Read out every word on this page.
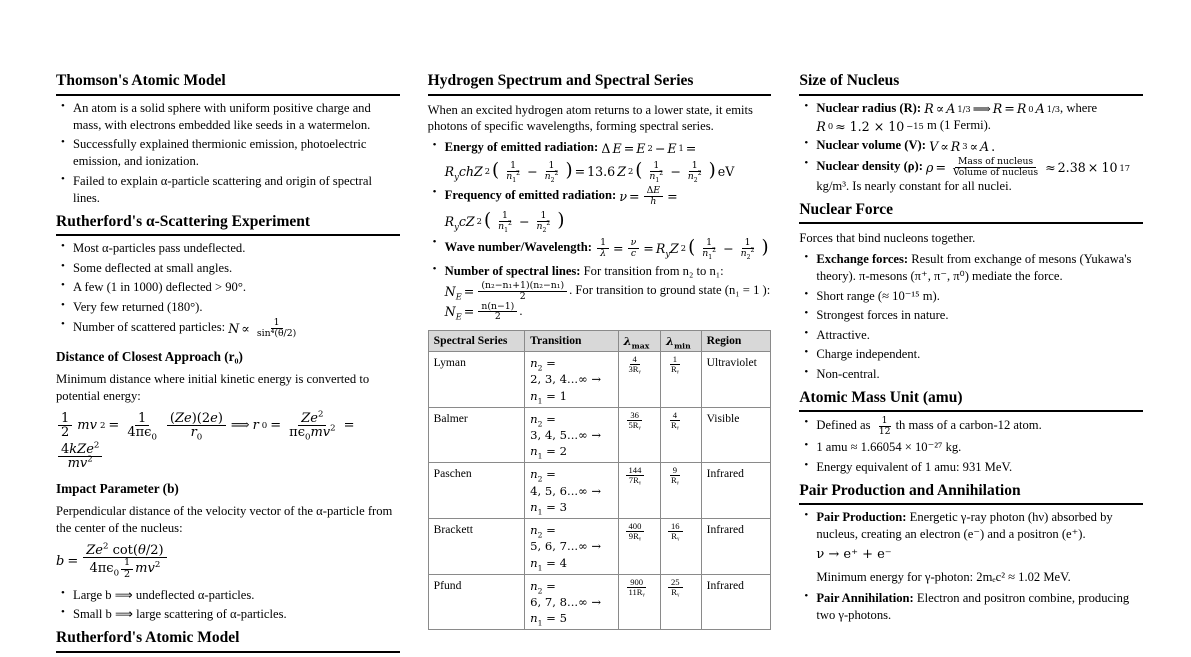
Thomson's Atomic Model
• An atom is a solid sphere with uniform positive charge and mass, with electrons embedded like seeds in a watermelon.
• Successfully explained thermionic emission, photoelectric emission, and ionization.
• Failed to explain α-particle scattering and origin of spectral lines.
Rutherford's α-Scattering Experiment
• Most α-particles pass undeflected.
• Some deflected at small angles.
• A few (1 in 1000) deflected > 90°.
• Very few returned (180°).
• Number of scattered particles: $N \propto \frac{1}{\text{sin⁴(θ/2)}}$
Distance of Closest Approach (r₀)

Minimum distance where initial kinetic energy is converted to potential energy:

$\frac{1}{2}$ mv $2 = \frac{1}{4\pi\epsilon_0} \frac{(Ze)(2e)}{r_0}$ ⟹ r $0 = \frac{Ze^2}{\pi\epsilon_0mv^2}$ =
$\frac{4kZe^2}{mv^2}$
Impact Parameter (b)

Perpendicular distance of the velocity vector of the α-particle from the center of the nucleus:

$b = \frac{Ze^2 \cot(\theta/2)}{4\pi\epsilon_0 \frac{1}{2} mv^2}$
• Large b ⟹ undeflected α-particles.
• Small b ⟹ large scattering of α-particles.
Rutherford's Atomic Model
Hydrogen Spectrum and Spectral Series

When an excited hydrogen atom returns to a lower state, it emits photons of specific wavelengths, forming spectral series.

• Energy of emitted radiation: Δ E = E 2 − E 1 =

$R_ychZ$ 2 ( $\frac{1}{n_1^2} - \frac{1}{n_2^2}$ ) = 13.6 Z 2 ( $\frac{1}{n_1^2} - \frac{1}{n_2^2}$ ) eV
• Frequency of emitted radiation: $\nu = \frac{\Delta E}{h}$ =

$R_ycZ$ 2 ( $\frac{1}{n_1^2} - \frac{1}{n_2^2}$ )
• Wave number/Wavelength: $\frac{1}{\lambda} = \frac{\nu}{c} = R_yZ$ 2 ( $\frac{1}{n_1^2} - \frac{1}{n_2^2}$ )
• Number of spectral lines: For transition from n₂ to n₁:
$N_E = \frac{\text{(n₂−n₁+1)(n₂−n₁)}}{2}$ . For transition to ground state (n₁ = 1 ):
$N_E = \frac{n(n-1)}{2}$ .
Spectral Series	Transition	$\lambda_{max}$	$\lambda_{min}$	Region
Lyman	$n_2$ =
2, 3, 4...∞ →
$n_1 = 1$	$\frac{4}{\text{3Rᵧ}}$	$\frac{1}{\text{Rᵧ}}$	Ultraviolet
Balmer	$n_2$ =
3, 4, 5...∞ →
$n_1 = 2$	$\frac{36}{\text{5Rᵧ}}$	$\frac{4}{\text{Rᵧ}}$	Visible
Paschen	$n_2$ =
4, 5, 6...∞ →
$n_1 = 3$	$\frac{144}{\text{7Rᵧ}}$	$\frac{9}{\text{Rᵧ}}$	Infrared
Brackett	$n_2$ =
5, 6, 7...∞ →
$n_1 = 4$	$\frac{400}{\text{9Rᵧ}}$	$\frac{16}{\text{Rᵧ}}$	Infrared
Pfund	$n_2$ =
6, 7, 8...∞ →
$n_1 = 5$	$\frac{900}{\text{11Rᵧ}}$	$\frac{25}{\text{Rᵧ}}$	Infrared
Size of Nucleus
• Nuclear radius (R): R ∝ A 1/3 ⟹ R = R 0 A 1/3 , where
R 0 ≈ 1.2 × 10 −15 m (1 Fermi).
• Nuclear volume (V): V ∝ R 3 ∝ A .
• Nuclear density (ρ): $\rho = \frac{\text{Mass of nucleus}}{\text{Volume of nucleus}} \approx 2.38 \times 10$ 17
kg/m³. Is nearly constant for all nuclei.
Nuclear Force

Forces that bind nucleons together.

• Exchange forces: Result from exchange of mesons (Yukawa's theory). π-mesons (π⁺, π⁻, π⁰) mediate the force.
• Short range (≈ 10⁻¹⁵ m).
• Strongest forces in nature.
• Attractive.
• Charge independent.
• Non-central.
Atomic Mass Unit (amu)
• Defined as $\frac{1}{12}$ th mass of a carbon-12 atom.
• 1 amu ≈ 1.66054 × 10⁻²⁷ kg.
• Energy equivalent of 1 amu: 931 MeV.
Pair Production and Annihilation
• Pair Production: Energetic γ-ray photon (hν) absorbed by nucleus, creating an electron (e⁻) and a positron (e⁺).
ν → e⁺ + e⁻

Minimum energy for γ-photon: 2mₑc² ≈ 1.02 MeV.

• Pair Annihilation: Electron and positron combine, producing two γ-photons.
